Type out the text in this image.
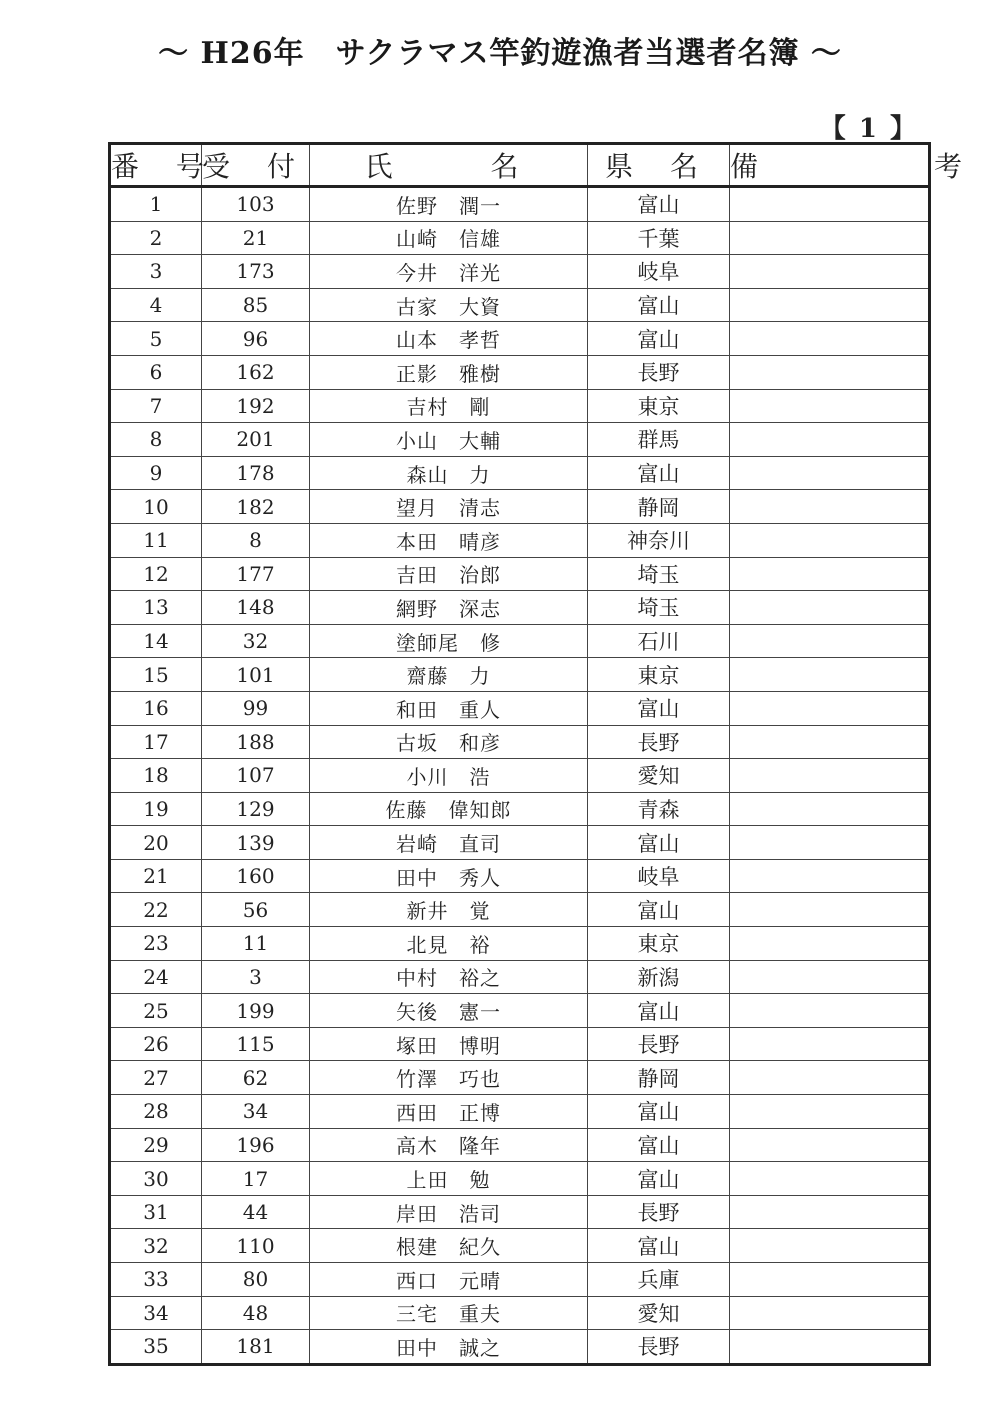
～ H26年　サクラマス竿釣遊漁者当選者名簿 ～
【 1 】
番 号	受 付	氏　　名	県 名	備　　考
1	103	佐野　潤一	富山	
2	21	山崎　信雄	千葉	
3	173	今井　洋光	岐阜	
4	85	古家　大資	富山	
5	96	山本　孝哲	富山	
6	162	正影　雅樹	長野	
7	192	吉村　剛	東京	
8	201	小山　大輔	群馬	
9	178	森山　力	富山	
10	182	望月　清志	静岡	
11	8	本田　晴彦	神奈川	
12	177	吉田　治郎	埼玉	
13	148	網野　深志	埼玉	
14	32	塗師尾　修	石川	
15	101	齋藤　力	東京	
16	99	和田　重人	富山	
17	188	古坂　和彦	長野	
18	107	小川　浩	愛知	
19	129	佐藤　偉知郎	青森	
20	139	岩崎　直司	富山	
21	160	田中　秀人	岐阜	
22	56	新井　覚	富山	
23	11	北見　裕	東京	
24	3	中村　裕之	新潟	
25	199	矢後　憲一	富山	
26	115	塚田　博明	長野	
27	62	竹澤　巧也	静岡	
28	34	西田　正博	富山	
29	196	高木　隆年	富山	
30	17	上田　勉	富山	
31	44	岸田　浩司	長野	
32	110	根建　紀久	富山	
33	80	西口　元晴	兵庫	
34	48	三宅　重夫	愛知	
35	181	田中　誠之	長野	
